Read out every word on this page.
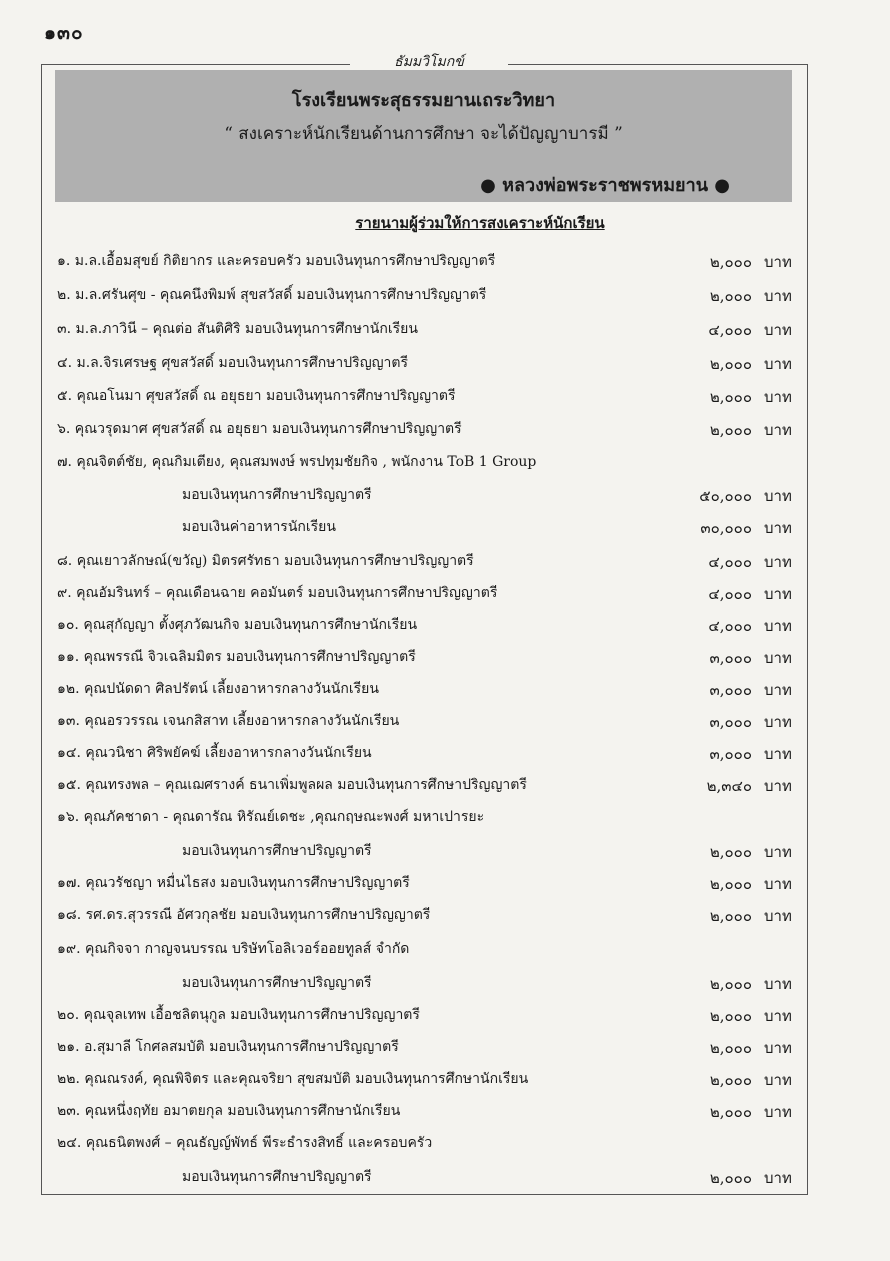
๑๓๐
ธัมมวิโมกข์
โรงเรียนพระสุธรรมยานเถระวิทยา
“ สงเคราะห์นักเรียนด้านการศึกษา จะได้ปัญญาบารมี ”
● หลวงพ่อพระราชพรหมยาน ●
รายนามผู้ร่วมให้การสงเคราะห์นักเรียน
๑. ม.ล.เอื้อมสุขย์ กิติยากร และครอบครัว มอบเงินทุนการศึกษาปริญญาตรี	๒,๐๐๐ บาท
๒. ม.ล.ศรันศุข - คุณคนึงพิมพ์ สุขสวัสดิ์ มอบเงินทุนการศึกษาปริญญาตรี	๒,๐๐๐ บาท
๓. ม.ล.ภาวินี – คุณต่อ สันติศิริ มอบเงินทุนการศึกษานักเรียน	๔,๐๐๐ บาท
๔. ม.ล.จิรเศรษฐ ศุขสวัสดิ์ มอบเงินทุนการศึกษาปริญญาตรี	๒,๐๐๐ บาท
๕. คุณอโนมา ศุขสวัสดิ์ ณ อยุธยา มอบเงินทุนการศึกษาปริญญาตรี	๒,๐๐๐ บาท
๖. คุณวรุดมาศ ศุขสวัสดิ์ ณ อยุธยา มอบเงินทุนการศึกษาปริญญาตรี	๒,๐๐๐ บาท
๗. คุณจิตต์ชัย, คุณกิมเตียง, คุณสมพงษ์ พรปทุมชัยกิจ , พนักงาน ToB 1 Group
มอบเงินทุนการศึกษาปริญญาตรี	๕๐,๐๐๐ บาท
มอบเงินค่าอาหารนักเรียน	๓๐,๐๐๐ บาท
๘. คุณเยาวลักษณ์(ขวัญ) มิตรศรัทธา มอบเงินทุนการศึกษาปริญญาตรี	๔,๐๐๐ บาท
๙. คุณอัมรินทร์ – คุณเดือนฉาย คอมันตร์ มอบเงินทุนการศึกษาปริญญาตรี	๔,๐๐๐ บาท
๑๐. คุณสุกัญญา ตั้งศุภวัฒนกิจ มอบเงินทุนการศึกษานักเรียน	๔,๐๐๐ บาท
๑๑. คุณพรรณี จิวเฉลิมมิตร มอบเงินทุนการศึกษาปริญญาตรี	๓,๐๐๐ บาท
๑๒. คุณปนัดดา ศิลปรัตน์ เลี้ยงอาหารกลางวันนักเรียน	๓,๐๐๐ บาท
๑๓. คุณอรวรรณ เจนกสิสาท เลี้ยงอาหารกลางวันนักเรียน	๓,๐๐๐ บาท
๑๔. คุณวนิชา ศิริพยัคฆ์ เลี้ยงอาหารกลางวันนักเรียน	๓,๐๐๐ บาท
๑๕. คุณทรงพล – คุณเฌศรางค์ ธนาเพิ่มพูลผล มอบเงินทุนการศึกษาปริญญาตรี	๒,๓๔๐ บาท
๑๖. คุณภัคชาดา - คุณดารัณ หิรัณย์เดชะ ,คุณกฤษณะพงศ์ มหาเปารยะ
มอบเงินทุนการศึกษาปริญญาตรี	๒,๐๐๐ บาท
๑๗. คุณวรัชญา หมื่นไธสง มอบเงินทุนการศึกษาปริญญาตรี	๒,๐๐๐ บาท
๑๘. รศ.ดร.สุวรรณี อัศวกุลชัย มอบเงินทุนการศึกษาปริญญาตรี	๒,๐๐๐ บาท
๑๙. คุณกิจจา กาญจนบรรณ บริษัทโอลิเวอร์ออยทูลส์ จำกัด
มอบเงินทุนการศึกษาปริญญาตรี	๒,๐๐๐ บาท
๒๐. คุณจุลเทพ เอื้อชลิตนุกูล มอบเงินทุนการศึกษาปริญญาตรี	๒,๐๐๐ บาท
๒๑. อ.สุมาลี โกศลสมบัติ มอบเงินทุนการศึกษาปริญญาตรี	๒,๐๐๐ บาท
๒๒. คุณณรงค์, คุณพิจิตร และคุณจริยา สุขสมบัติ มอบเงินทุนการศึกษานักเรียน	๒,๐๐๐ บาท
๒๓. คุณหนึ่งฤทัย อมาตยกุล มอบเงินทุนการศึกษานักเรียน	๒,๐๐๐ บาท
๒๔. คุณธนิตพงศ์ – คุณธัญญ์พัทธ์ พีระธำรงสิทธิ์ และครอบครัว
มอบเงินทุนการศึกษาปริญญาตรี	๒,๐๐๐ บาท
